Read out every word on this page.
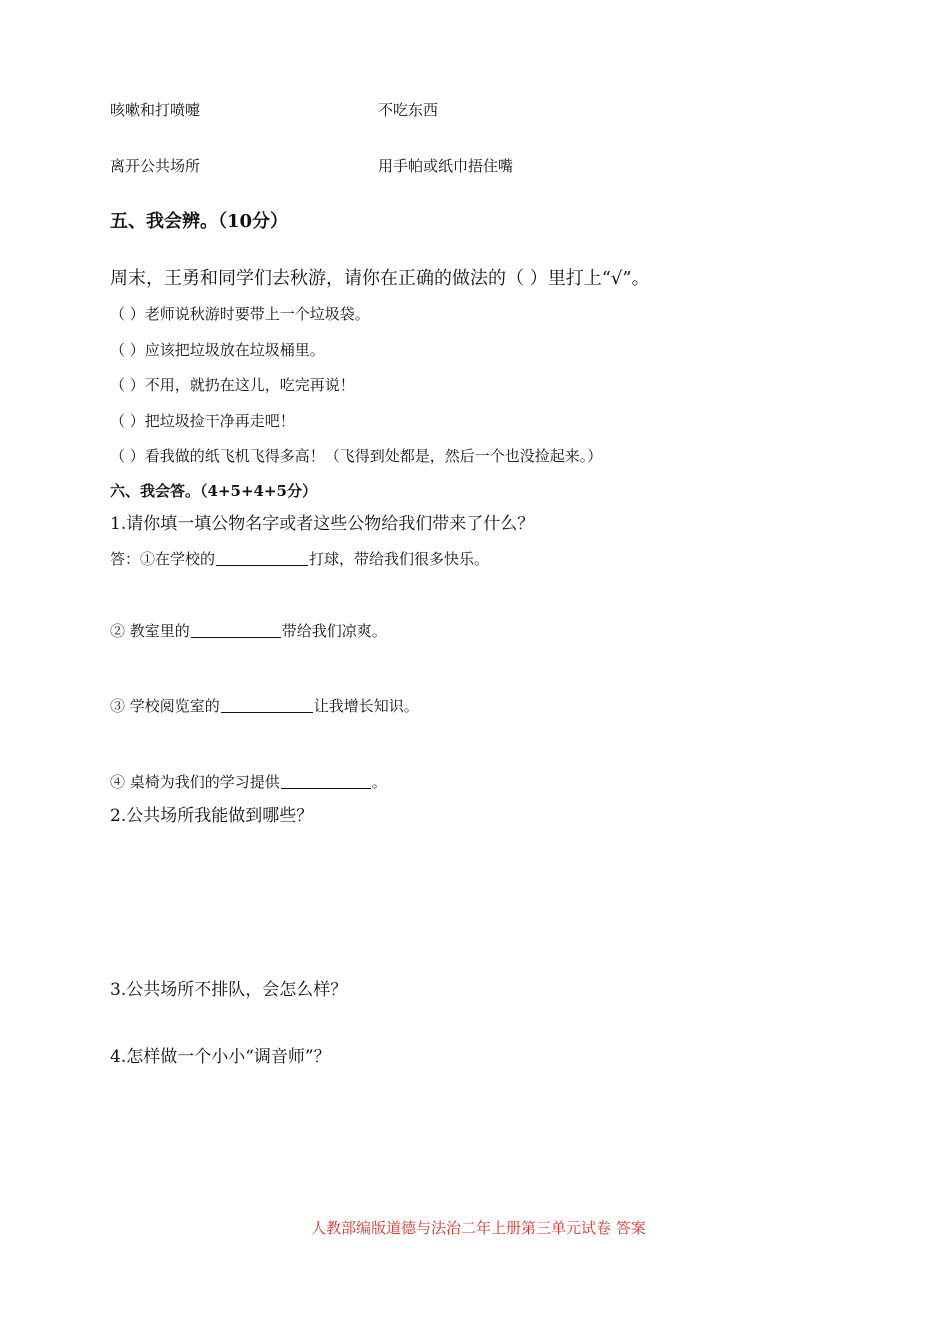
咳嗽和打喷嚏	不吃东西
离开公共场所	用手帕或纸巾捂住嘴
五、我会辨。（10分）
周末，王勇和同学们去秋游，请你在正确的做法的（ ）里打上“√”。
（ ）老师说秋游时要带上一个垃圾袋。
（ ）应该把垃圾放在垃圾桶里。
（ ）不用，就扔在这儿，吃完再说！
（ ）把垃圾捡干净再走吧！
（ ）看我做的纸飞机飞得多高！（飞得到处都是，然后一个也没捡起来。）
六、我会答。（4+5+4+5分）
1.请你填一填公物名字或者这些公物给我们带来了什么？
答：①在学校的	打球，带给我们很多快乐。
② 教室里的	带给我们凉爽。
③ 学校阅览室的	让我增长知识。
④ 桌椅为我们的学习提供	。
2.公共场所我能做到哪些？
3.公共场所不排队，会怎么样？
4.怎样做一个小小“调音师”？
人教部编版道德与法治二年上册第三单元试卷 答案
